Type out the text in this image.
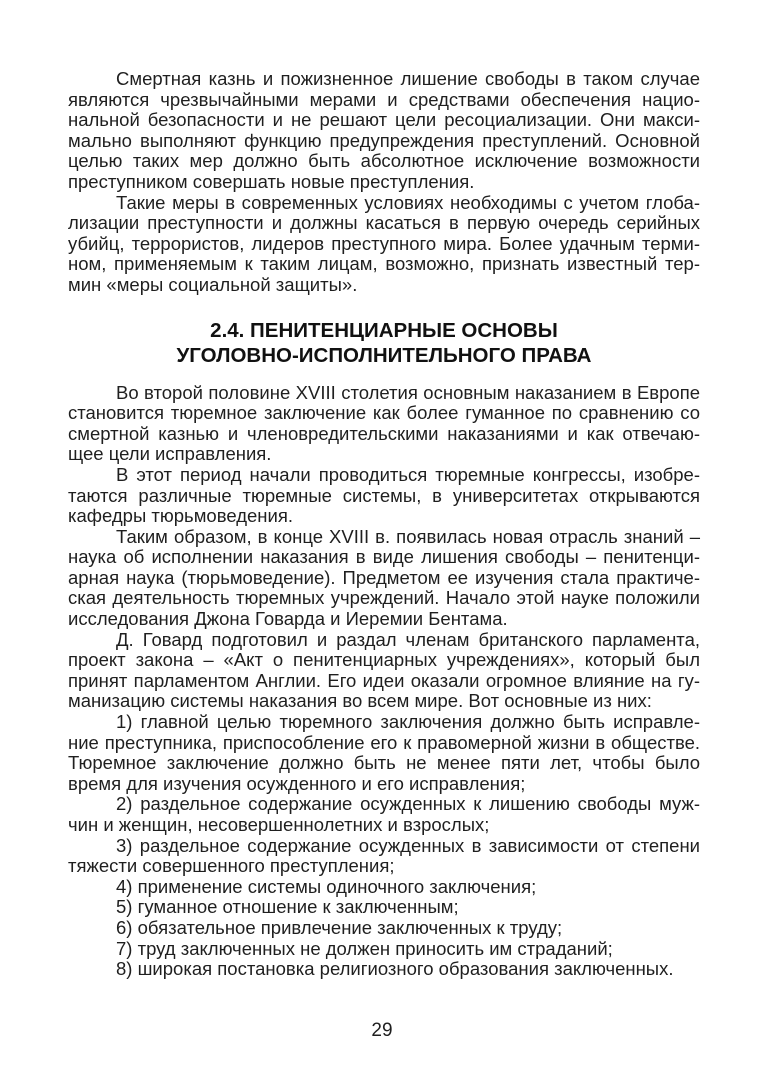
Смертная казнь и пожизненное лишение свободы в таком случае
являются чрезвычайными мерами и средствами обеспечения нацио-
нальной безопасности и не решают цели ресоциализации. Они макси-
мально выполняют функцию предупреждения преступлений. Основной
целью таких мер должно быть абсолютное исключение возможности
преступником совершать новые преступления.
Такие меры в современных условиях необходимы с учетом глоба-
лизации преступности и должны касаться в первую очередь серийных
убийц, террористов, лидеров преступного мира. Более удачным терми-
ном, применяемым к таким лицам, возможно, признать известный тер-
мин «меры социальной защиты».
2.4. ПЕНИТЕНЦИАРНЫЕ ОСНОВЫ
УГОЛОВНО-ИСПОЛНИТЕЛЬНОГО ПРАВА
Во второй половине XVIII столетия основным наказанием в Европе
становится тюремное заключение как более гуманное по сравнению со
смертной казнью и членовредительскими наказаниями и как отвечаю-
щее цели исправления.
В этот период начали проводиться тюремные конгрессы, изобре-
таются различные тюремные системы, в университетах открываются
кафедры тюрьмоведения.
Таким образом, в конце XVIII в. появилась новая отрасль знаний –
наука об исполнении наказания в виде лишения свободы – пенитенци-
арная наука (тюрьмоведение). Предметом ее изучения стала практиче-
ская деятельность тюремных учреждений. Начало этой науке положили
исследования Джона Говарда и Иеремии Бентама.
Д. Говард подготовил и раздал членам британского парламента,
проект закона – «Акт о пенитенциарных учреждениях», который был
принят парламентом Англии. Его идеи оказали огромное влияние на гу-
манизацию системы наказания во всем мире. Вот основные из них:
1) главной целью тюремного заключения должно быть исправле-
ние преступника, приспособление его к правомерной жизни в обществе.
Тюремное заключение должно быть не менее пяти лет, чтобы было
время для изучения осужденного и его исправления;
2) раздельное содержание осужденных к лишению свободы муж-
чин и женщин, несовершеннолетних и взрослых;
3) раздельное содержание осужденных в зависимости от степени
тяжести совершенного преступления;
4) применение системы одиночного заключения;
5) гуманное отношение к заключенным;
6) обязательное привлечение заключенных к труду;
7) труд заключенных не должен приносить им страданий;
8) широкая постановка религиозного образования заключенных.
29
